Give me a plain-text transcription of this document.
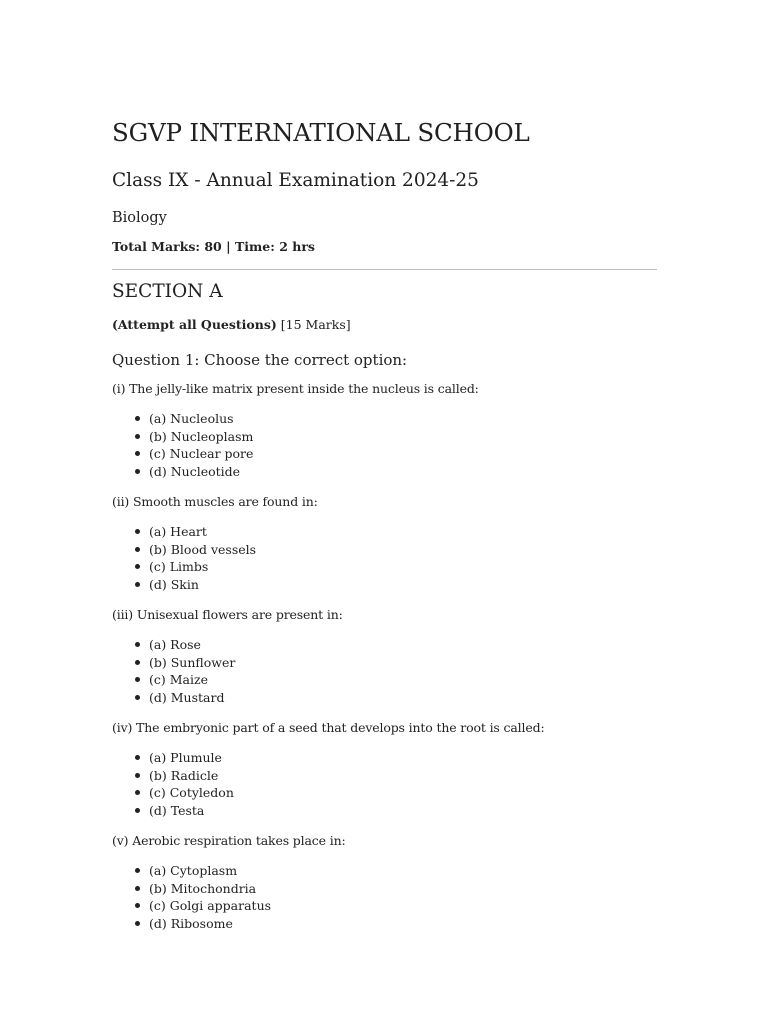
SGVP INTERNATIONAL SCHOOL
Class IX - Annual Examination 2024-25
Biology

Total Marks: 80 | Time: 2 hrs

SECTION A

(Attempt all Questions) [15 Marks]

Question 1: Choose the correct option:

(i) The jelly-like matrix present inside the nucleus is called:

(a) Nucleolus
(b) Nucleoplasm
(c) Nuclear pore
(d) Nucleotide

(ii) Smooth muscles are found in:

(a) Heart
(b) Blood vessels
(c) Limbs
(d) Skin

(iii) Unisexual flowers are present in:

(a) Rose
(b) Sunflower
(c) Maize
(d) Mustard

(iv) The embryonic part of a seed that develops into the root is called:

(a) Plumule
(b) Radicle
(c) Cotyledon
(d) Testa

(v) Aerobic respiration takes place in:

(a) Cytoplasm
(b) Mitochondria
(c) Golgi apparatus
(d) Ribosome
